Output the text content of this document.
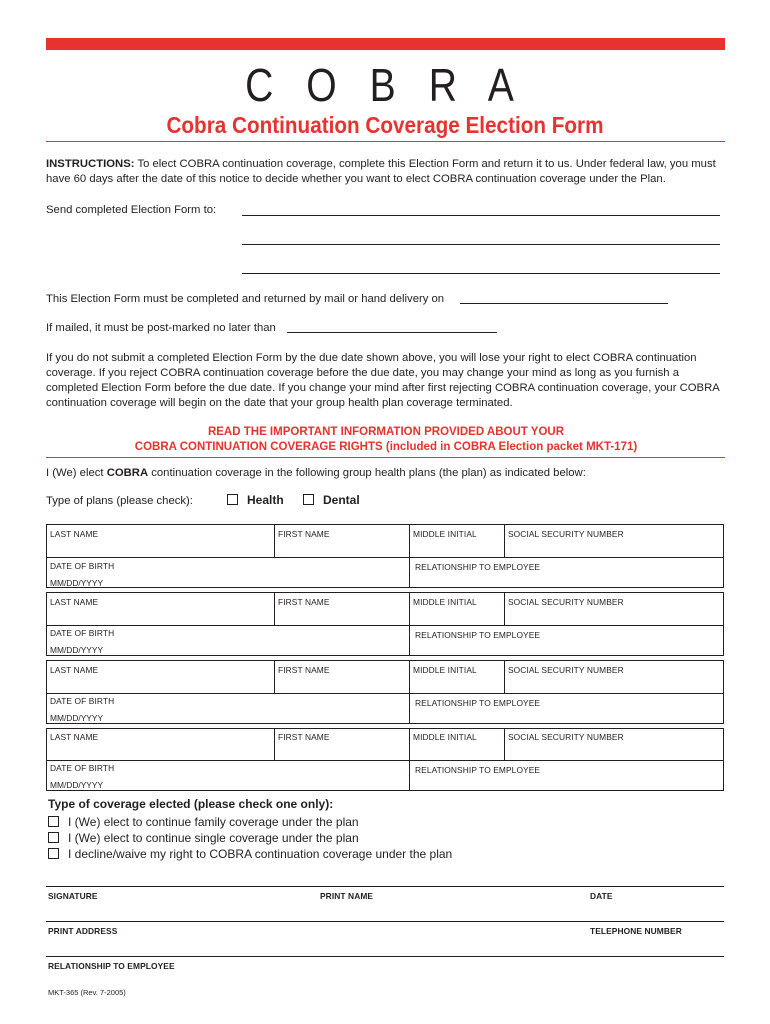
C O B R A
Cobra Continuation Coverage Election Form
INSTRUCTIONS: To elect COBRA continuation coverage, complete this Election Form and return it to us. Under federal law, you must have 60 days after the date of this notice to decide whether you want to elect COBRA continuation coverage under the Plan.
Send completed Election Form to:
This Election Form must be completed and returned by mail or hand delivery on
If mailed, it must be post-marked no later than
If you do not submit a completed Election Form by the due date shown above, you will lose your right to elect COBRA continuation coverage. If you reject COBRA continuation coverage before the due date, you may change your mind as long as you furnish a completed Election Form before the due date. If you change your mind after first rejecting COBRA continuation coverage, your COBRA continuation coverage will begin on the date that your group health plan coverage terminated.
READ THE IMPORTANT INFORMATION PROVIDED ABOUT YOUR
COBRA CONTINUATION COVERAGE RIGHTS (included in COBRA Election packet MKT-171)
I (We) elect COBRA continuation coverage in the following group health plans (the plan) as indicated below:
Type of plans (please check):	Health	Dental
LAST NAME	FIRST NAME	MIDDLE INITIAL	SOCIAL SECURITY NUMBER
DATE OF BIRTH	RELATIONSHIP TO EMPLOYEE
MM/DD/YYYY
LAST NAME	FIRST NAME	MIDDLE INITIAL	SOCIAL SECURITY NUMBER
DATE OF BIRTH	RELATIONSHIP TO EMPLOYEE
MM/DD/YYYY
LAST NAME	FIRST NAME	MIDDLE INITIAL	SOCIAL SECURITY NUMBER
DATE OF BIRTH	RELATIONSHIP TO EMPLOYEE
MM/DD/YYYY
LAST NAME	FIRST NAME	MIDDLE INITIAL	SOCIAL SECURITY NUMBER
DATE OF BIRTH	RELATIONSHIP TO EMPLOYEE
MM/DD/YYYY
Type of coverage elected (please check one only):
I (We) elect to continue family coverage under the plan
I (We) elect to continue single coverage under the plan
I decline/waive my right to COBRA continuation coverage under the plan
SIGNATURE	PRINT NAME	DATE
PRINT ADDRESS	TELEPHONE NUMBER
RELATIONSHIP TO EMPLOYEE
MKT-365 (Rev. 7-2005)
